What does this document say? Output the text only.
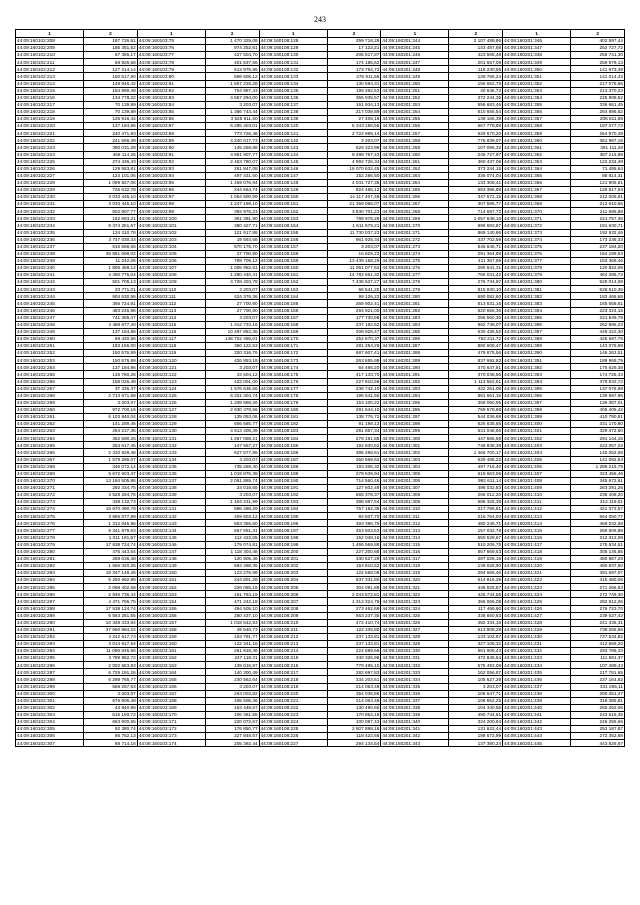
243
1	2	1	2	1	2	1	2	1	2
44:09:160102:208	187 726,81	44:09:160103:75	1 470 325,08	44:09:160108:128	259 718,29	44:09:160201:244	2 107 489,86	44:09:160201:346	402 597,44
44:09:160102:209	186 351,52	44:09:160103:76	974 252,81	44:09:160108:129	17 122,21	44:09:160201:245	143 487,68	44:09:160201:347	252 727,72
44:09:160102:210	67 365,17	44:09:160103:77	427 504,70	44:09:160108:130	206 517,87	44:09:160201:246	423 568,48	44:09:160201:348	256 741,30
44:09:160102:211	68 925,58	44:09:160103:78	401 537,66	44:09:160108:131	174 185,62	44:09:160201:247	201 657,09	44:09:160201:349	259 979,13
44:09:160102:212	127 214,14	44:09:160103:79	513 975,85	44:09:160108:132	172 754,73	44:09:160201:248	118 230,55	44:09:160201:350	141 673,39
44:09:160102:213	160 517,60	44:09:160103:80	698 608,12	44:09:160108:133	475 911,55	44:09:160201:249	129 765,24	44:09:160201:351	141 014,43
44:09:160102:214	149 946,42	44:09:160103:81	1 667 225,28	44:09:160108:134	130 594,31	44:09:160201:250	156 652,78	44:09:160201:352	217 076,56
44:09:160102:215	184 989,49	44:09:160103:82	704 987,43	44:09:160108:135	199 262,53	44:09:160201:251	40 646,73	44:09:160201:353	213 370,23
44:09:160102:216	134 778,22	44:09:160103:83	4 557 294,00	44:09:160108:136	355 935,57	44:09:160201:252	372 244,35	44:09:160201:354	225 908,52
44:09:160102:217	70 139,89	44:09:160103:84	3 203,07	44:09:160108:137	161 934,13	44:09:160201:253	556 683,46	44:09:160201:355	336 661,45
44:09:160102:218	70 139,89	44:09:160103:85	1 386 743,44	44:09:160108:138	217 039,89	44:09:160201:254	610 656,54	44:09:160201:356	264 896,62
44:09:160102:219	126 916,44	44:09:160103:86	3 525 911,60	44:09:160108:139	27 408,16	44:09:160201:255	139 165,39	44:09:160201:357	206 511,89
44:09:160102:220	137 184,86	44:09:160103:87	5 285 403,01	44:09:160108:140	5 343 156,55	44:09:160201:256	667 778,88	44:09:160201:358	197 277,72
44:09:160102:221	240 471,93	44:09:160103:88	773 726,48	44:09:160108:141	2 722 989,14	44:09:160201:257	529 670,20	44:09:160201:359	264 970,39
44:09:160102:222	241 556,39	44:09:160103:89	4 240 617,73	44:09:160108:142	3 203,07	44:09:160201:258	776 839,07	44:09:160201:360	361 987,16
44:09:160102:223	390 031,28	44:09:160103:90	145 268,88	44:09:160108:143	629 323,99	44:09:160201:259	107 095,32	44:09:160201:361	381 111,28
44:09:160102:224	468 114,25	44:09:160103:91	3 881 907,77	44:09:160108:144	8 498 767,43	44:09:160201:260	245 727,97	44:09:160201:362	387 216,88
44:09:160102:225	274 436,43	44:09:160103:92	2 463 780,07	44:09:160108:145	4 992 726,34	44:09:160201:261	360 437,06	44:09:160201:363	122 234,48
44:09:160102:226	129 583,81	44:09:160103:93	261 847,08	44:09:160108:146	16 070 632,45	44:09:160201:262	373 244,15	44:09:160201:364	71 495,64
44:09:160102:227	124 101,06	44:09:160103:94	497 431,50	44:09:160108:147	152 286,50	44:09:160201:263	336 074,04	44:09:160201:365	88 814,31
44:09:160102:228	1 099 827,06	44:09:160103:95	1 459 076,94	44:09:160108:148	4 031 727,35	44:09:160201:264	133 308,41	44:09:160201:366	121 905,81
44:09:160102:229	726 632,78	44:09:160103:96	244 664,74	44:09:160108:149	824 486,12	44:09:160201:265	563 386,88	44:09:160201:367	126 617,63
44:09:160102:230	3 033 445,10	44:09:160103:97	1 054 800,99	44:09:160108:150	14 117 407,48	44:09:160201:266	347 572,15	44:09:160201:368	212 005,91
44:09:160102:231	3 033 445,10	44:09:160103:98	1 247 198,10	44:09:160108:151	21 369 066,07	44:09:160201:267	307 586,77	44:09:160201:369	212 610,56
44:09:160102:232	602 907,77	44:09:160103:99	392 976,23	44:09:160108:152	3 830 701,23	44:09:160201:268	714 687,72	44:09:160201:370	211 685,88
44:09:160102:233	162 683,21	44:09:160103:100	361 391,90	44:09:160108:153	789 978,28	44:09:160201:269	1 057 648,16	44:09:160201:371	221 757,36
44:09:160102:234	9 374 251,67	44:09:160103:101	380 427,71	44:09:160108:154	1 611 679,21	44:09:160201:270	996 693,87	44:09:160201:372	191 630,71
44:09:160102:235	134 310,78	44:09:160103:102	121 917,88	44:09:160108:155	11 730 037,23	44:09:160201:271	869 140,86	44:09:160201:373	192 932,46
44:09:160102:236	3 747 030,33	44:09:160103:103	19 593,68	44:09:160108:156	961 925,34	44:09:160201:272	437 702,59	44:09:160201:374	173 236,33
44:09:160102:237	816 566,65	44:09:160103:104	870 175,70	44:09:160108:157	3 203,07	44:09:160201:273	646 645,71	44:09:160201:375	237 184,20
44:09:160102:238	35 861 699,02	44:09:160103:105	27 700,90	44:09:160108:158	16 829,23	44:09:160201:274	291 364,88	44:09:160201:376	164 199,53
44:09:160102:239	11 242,05	44:09:160103:106	789 709,12	44:09:160108:159	13 439 168,29	44:09:160201:275	411 367,69	44:09:160201:377	153 369,46
44:09:160102:240	1 805 459,12	44:09:160103:107	1 005 982,61	44:09:160108:160	11 061 077,62	44:09:160201:276	280 641,31	44:09:160201:378	120 822,09
44:09:160102:241	4 350 775,04	44:09:160103:108	1 280 440,41	44:09:160108:161	14 782 661,32	44:09:160201:277	756 031,42	44:09:160201:379	364 285,72
44:09:160102:242	501 705,13	44:09:160103:109	4 728 403,78	44:09:160108:162	7 436 537,27	44:09:160201:278	276 734,97	44:09:160201:380	529 014,08
44:09:160102:243	33 771,01	44:09:160103:110	3 203,07	44:09:160108:163	66 541,20	44:09:160201:279	815 930,10	44:09:160201:381	528 510,36
44:09:160102:244	904 530,56	44:09:160103:111	424 376,36	44:09:160108:164	99 126,23	44:09:160201:280	690 082,60	44:09:160201:382	183 466,68
44:09:160102:245	366 724,81	44:09:160103:112	27 700,90	44:09:160108:165	268 902,41	44:09:160201:281	513 631,16	44:09:160201:383	165 658,61
44:09:160102:246	483 246,96	44:09:160103:113	27 700,90	44:09:160108:166	294 921,00	44:09:160201:282	620 656,36	44:09:160201:384	223 324,15
44:09:160102:247	741 365,47	44:09:160103:114	3 203,07	44:09:160108:167	177 730,98	44:09:160201:283	256 560,36	44:09:160201:385	221 549,78
44:09:160102:248	4 488 677,40	44:09:160103:115	1 314 733,16	44:09:160108:168	237 182,52	44:09:160201:284	962 738,07	44:09:160201:386	262 895,23
44:09:160102:249	137 184,86	44:09:160103:116	10 497 863,36	44:09:160108:169	208 929,47	44:09:160201:285	630 436,52	44:09:160201:387	449 422,30
44:09:160102:250	68 420,56	44:09:160103:117	148 702 465,01	44:09:160108:170	252 670,37	44:09:160201:286	752 211,72	44:09:160201:388	426 687,75
44:09:160102:251	183 156,00	44:09:160103:118	350 122,53	44:09:160108:171	281 254,29	44:09:160201:287	880 609,47	44:09:160201:389	143 075,58
44:09:160102:252	150 576,89	44:09:160103:119	320 316,76	44:09:160108:172	687 607,41	44:09:160201:288	479 675,56	44:09:160201:390	146 263,51
44:09:160102:253	150 576,89	44:09:160103:120	426 853,18	44:09:160108:173	263 655,99	44:09:160201:289	837 692,82	44:09:160201:391	189 968,79
44:09:160102:254	137 184,86	44:09:160103:121	3 203,07	44:09:160108:174	64 466,20	44:09:160201:290	470 647,81	44:09:160201:392	175 626,38
44:09:160102:255	145 780,26	44:09:160103:122	43 604,12	44:09:160108:175	417 133,70	44:09:160201:291	370 038,56	44:09:160201:393	174 725,43
44:09:160102:256	158 026,48	44:09:160103:123	422 001,00	44:09:160108:176	227 810,59	44:09:160201:292	1 113 562,61	44:09:160201:394	379 532,72
44:09:160102:257	37 336,37	44:09:160103:124	1 576 636,55	44:09:160108:177	238 742,10	44:09:160201:293	422 251,08	44:09:160201:395	137 076,98
44:09:160102:258	2 713 671,68	44:09:160103:125	6 331 304,74	44:09:160108:178	195 541,56	44:09:160201:294	881 661,16	44:09:160201:396	139 597,96
44:09:160102:259	3 203,07	44:09:160103:126	1 208 868,26	44:09:160108:179	153 100,22	44:09:160201:295	359 050,95	44:09:160201:397	139 387,01
44:09:160102:260	972 700,16	44:09:160103:127	2 930 378,56	44:09:160108:180	291 644,10	44:09:160201:296	769 578,88	44:09:160201:398	405 405,42
44:09:160102:261	6 103 840,04	44:09:160103:128	135 053,06	44:09:160108:181	138 776,72	44:09:160201:297	544 036,88	44:09:160201:399	410 790,91
44:09:160102:262	141 289,45	44:09:160103:129	666 565,77	44:09:160108:182	91 198,13	44:09:160201:298	626 635,65	44:09:160201:400	331 170,80
44:09:160102:263	264 237,35	44:09:160103:130	4 513 406,39	44:09:160108:183	281 857,34	44:09:160201:299	631 048,66	44:09:160201:401	329 472,60
44:09:160102:264	362 590,25	44:09:160103:131	1 267 058,21	44:09:160108:184	279 191,88	44:09:160201:300	447 665,59	44:09:160201:402	291 144,15
44:09:160102:265	254 617,45	44:09:160103:132	147 567,27	44:09:160108:185	192 830,52	44:09:160201:301	748 838,38	44:09:160201:403	222 057,02
44:09:160102:266	2 310 629,48	44:09:160103:133	627 577,86	44:09:160108:186	385 498,61	44:09:160201:302	1 466 700,17	44:09:160201:404	140 052,58
44:09:160102:267	1 579 286,07	44:09:160103:134	3 203,07	44:09:160108:187	260 568,62	44:09:160201:303	629 485,22	44:09:160201:405	141 082,53
44:09:160102:268	346 072,14	44:09:160103:135	735 268,30	44:09:160108:188	193 206,32	44:09:160201:304	497 716,40	44:09:160201:406	1 289 215,75
44:09:160102:269	5 672 603,47	44:09:160103:136	1 019 876,38	44:09:160108:189	279 639,94	44:09:160201:305	619 663,59	44:09:160201:407	323 456,46
44:09:160102:270	13 164 505,86	44:09:160103:137	2 061 865,74	44:09:160108:190	714 560,46	44:09:160201:306	992 611,14	44:09:160201:408	345 672,61
44:09:160102:271	292 334,75	44:09:160103:138	24 018,65	44:09:160108:191	127 602,49	44:09:160201:307	498 032,83	44:09:160201:409	263 291,26
44:09:160102:272	3 528 294,75	44:09:160103:139	3 203,07	44:09:160108:192	655 378,37	44:09:160201:308	266 012,20	44:09:160201:410	238 408,20
44:09:160102:273	439 132,73	44:09:160103:140	1 404 231,99	44:09:160108:193	388 997,54	44:09:160201:309	585 325,38	44:09:160201:411	214 119,01
44:09:160102:274	15 670 490,78	44:09:160103:141	686 498,29	44:09:160108:194	767 192,35	44:09:160201:310	217 785,81	44:09:160201:412	421 373,57
44:09:160102:275	3 865 077,89	44:09:160103:142	259 603,12	44:09:160108:195	92 607,70	44:09:160201:311	216 764,03	44:09:160201:413	664 050,77
44:09:160102:276	1 312 046,96	44:09:160103:143	653 355,60	44:09:160108:196	493 396,75	44:09:160201:312	480 245,71	44:09:160201:414	459 032,58
44:09:160102:277	9 341 679,63	44:09:160103:144	657 651,31	44:09:160108:197	453 603,53	44:09:160201:313	157 042,78	44:09:160201:415	269 606,88
44:09:160102:278	1 011 191,57	44:09:160103:145	112 422,05	44:09:160108:198	152 048,16	44:09:160201:314	650 528,67	44:09:160201:416	212 312,08
44:09:160102:279	17 838 724,74	44:09:160103:146	179 074,81	44:09:160108:199	1 466 569,88	44:09:160201:315	510 206,75	44:09:160201:417	275 634,51
44:09:160102:280	475 443,64	44:09:160103:147	1 118 304,48	44:09:160108:200	227 200,68	44:09:160201:316	567 669,53	44:09:160201:418	305 146,85
44:09:160102:281	268 636,48	44:09:160103:148	120 905,46	44:09:160108:201	330 627,29	44:09:160201:317	287 026,15	44:09:160201:419	480 867,29
44:09:160102:282	1 566 320,25	44:09:160103:149	584 498,35	44:09:160108:202	153 810,52	44:09:160201:318	139 028,90	44:09:160201:420	490 837,50
44:09:160102:283	18 347 149,45	44:09:160103:150	123 276,98	44:09:160108:203	122 558,08	44:09:160201:319	294 668,46	44:09:160201:421	391 697,07
44:09:160102:284	6 250 692,95	44:09:160103:151	244 801,28	44:09:160108:204	637 331,80	44:09:160201:320	614 816,29	44:09:160201:422	415 480,06
44:09:160102:285	2 068 402,68	44:09:160103:152	226 085,15	44:09:160108:205	304 091,88	44:09:160201:321	436 825,87	44:09:160201:423	271 266,53
44:09:160102:286	2 946 736,44	44:09:160103:153	191 764,19	44:09:160108:206	2 043 572,81	44:09:160201:322	426 744,55	44:09:160201:424	272 749,30
44:09:160102:287	4 471 765,75	44:09:160103:154	471 242,18	44:09:160108:207	1 312 324,79	44:09:160201:323	366 066,08	44:09:160201:425	282 912,06
44:09:160102:288	17 538 124,74	44:09:160103:155	494 505,10	44:09:160108:208	273 462,69	44:09:160201:324	117 468,60	44:09:160201:426	276 723,70
44:09:160102:289	6 563 281,55	44:09:160103:156	280 437,10	44:09:160108:209	563 237,35	44:09:160201:325	338 650,83	44:09:160201:427	239 027,43
44:09:160102:290	10 348 333,94	44:09:160103:157	1 018 542,53	44:09:160108:210	472 410,74	44:09:160201:326	482 334,16	44:09:160201:428	241 435,31
44:09:160102:291	37 660 984,22	44:09:160103:158	49 546,73	44:09:160108:211	122 105,80	44:09:160201:327	613 808,28	44:09:160201:429	739 265,55
44:09:160102:292	4 242 617,73	44:09:160103:159	163 791,77	44:09:160108:212	237 133,81	44:09:160201:328	133 102,67	44:09:160201:430	727 534,82
44:09:160102:293	3 014 917,64	44:09:160103:160	122 341,16	44:09:160108:213	237 133,81	44:09:160201:329	327 108,32	44:09:160201:431	412 665,20
44:09:160102:294	11 086 845,56	44:09:160103:161	261 918,36	44:09:160108:214	224 689,68	44:09:160201:330	561 905,43	44:09:160201:432	293 786,33
44:09:160102:295	3 789 952,72	44:09:160103:162	247 118,31	44:09:160108:215	340 326,98	44:09:160201:331	472 845,54	44:09:160201:433	111 581,37
44:09:160102:296	2 002 663,83	44:09:160103:163	139 016,97	44:09:160108:216	779 495,10	44:09:160201:332	575 492,08	44:09:160201:434	107 489,43
44:09:160102:297	6 729 191,26	44:09:160103:164	140 300,49	44:09:160108:217	282 697,83	44:09:160201:333	162 056,87	44:09:160201:435	217 781,65
44:09:160102:298	6 298 765,77	44:09:160103:165	230 562,64	44:09:160108:218	334 203,61	44:09:160201:334	105 627,28	44:09:160201:436	237 164,82
44:09:160102:299	559 257,63	44:09:160103:166	3 203,07	44:09:160108:219	214 063,48	44:09:160201:335	3 203,07	44:09:160201:437	331 265,11
44:09:160102:300	3 203,07	44:09:160103:167	263 003,82	44:09:160108:220	354 036,88	44:09:160201:336	108 647,71	44:09:160201:438	290 451,27
44:09:160102:301	676 906,48	44:09:160103:168	195 506,36	44:09:160108:221	214 063,48	44:09:160201:337	106 652,25	44:09:160201:439	319 385,81
44:09:160102:302	44 840,96	44:09:160103:169	163 448,57	44:09:160108:222	130 490,66	44:09:160201:338	104 340,56	44:09:160201:440	265 452,06
44:09:160102:303	615 160,72	44:09:160103:170	106 361,55	44:09:160108:223	170 864,18	44:09:160201:339	490 744,81	44:09:160201:441	243 616,35
44:09:160102:304	663 900,65	44:09:160103:171	220 072,67	44:09:160108:224	100 087,43	44:09:160201:340	324 200,94	44:09:160201:442	246 256,66
44:09:160102:305	92 380,74	44:09:160103:172	176 850,77	44:09:160108:225	2 807 898,16	44:09:160201:341	131 622,44	44:09:160201:443	253 187,87
44:09:160102:306	95 752,13	44:09:160103:173	227 848,57	44:09:160108:226	118 422,66	44:09:160201:342	198 672,99	44:09:160201:444	272 352,68
44:09:160102:307	88 714,16	44:09:160103:174	205 392,44	44:09:160108:227	294 134,54	44:09:160201:343	137 390,24	44:09:160201:445	443 826,67
